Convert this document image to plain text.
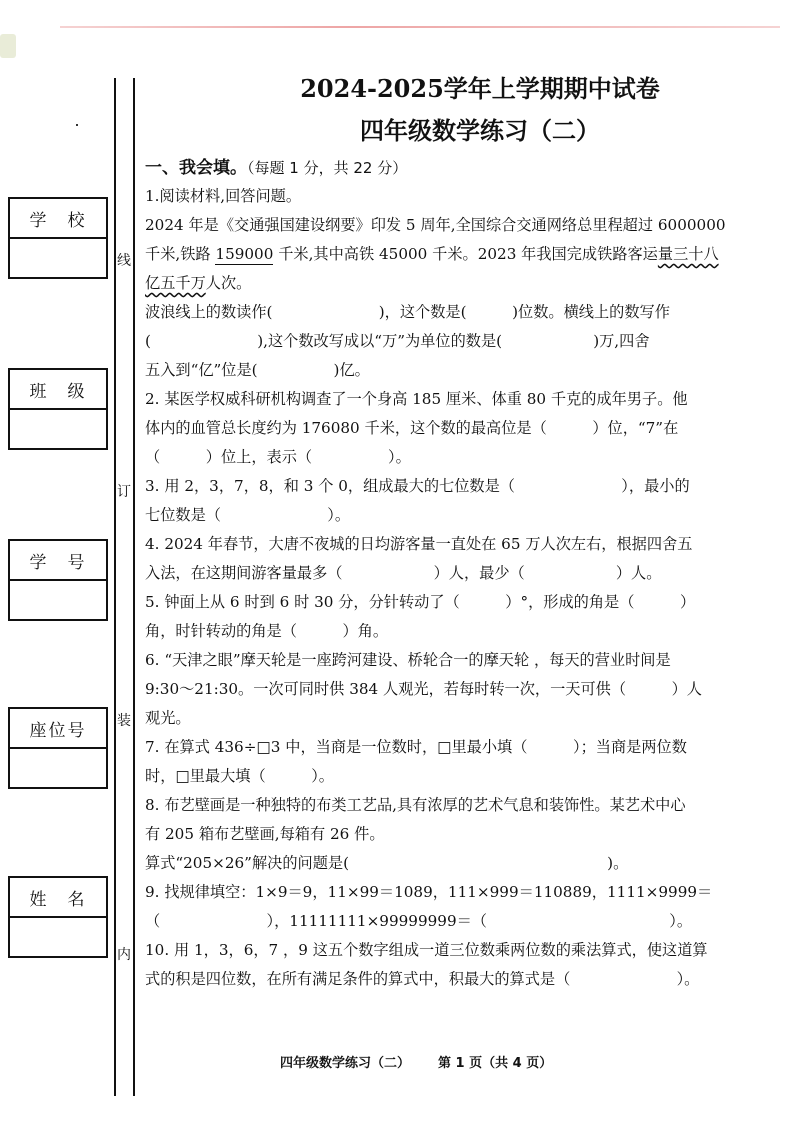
学　校
班　级
学　号
座位号
姓　名
线
订
装
内
2024-2025学年上学期期中试卷
四年级数学练习（二）
一、我会填。（每题 1 分，共 22 分）
1.阅读材料,回答问题。
2024 年是《交通强国建设纲要》印发 5 周年,全国综合交通网络总里程超过 6000000
千米,铁路 159000 千米,其中高铁 45000 千米。2023 年我国完成铁路客运量三十八
亿五千万人次。
波浪线上的数读作(　　　　　　　)，这个数是(　　　)位数。横线上的数写作
(　　　　　　　),这个数改写成以“万”为单位的数是(　　　　　　)万,四舍
五入到“亿”位是(　　　　　)亿。
2. 某医学权威科研机构调查了一个身高 185 厘米、体重 80 千克的成年男子。他
体内的血管总长度约为 176080 千米，这个数的最高位是（　　　）位，“7”在
（　　　）位上，表示（　　　　　）。
3. 用 2，3，7，8，和 3 个 0，组成最大的七位数是（　　　　　　　），最小的
七位数是（　　　　　　　）。
4. 2024 年春节，大唐不夜城的日均游客量一直处在 65 万人次左右，根据四舍五
入法，在这期间游客量最多（　　　　　　）人，最少（　　　　　　）人。
5. 钟面上从 6 时到 6 时 30 分，分针转动了（　　　）°，形成的角是（　　　）
角，时针转动的角是（　　　）角。
6. “天津之眼”摩天轮是一座跨河建设、桥轮合一的摩天轮 ，每天的营业时间是
9:30～21:30。一次可同时供 384 人观光，若每时转一次，一天可供（　　　）人
观光。
7. 在算式 436÷□3 中，当商是一位数时，□里最小填（　　　）；当商是两位数
时，□里最大填（　　　）。
8. 布艺壁画是一种独特的布类工艺品,具有浓厚的艺术气息和装饰性。某艺术中心
有 205 箱布艺壁画,每箱有 26 件。
算式“205×26”解决的问题是(　　　　　　　　　　　　　　　　　)。
9. 找规律填空：1×9＝9，11×99＝1089，111×999＝110889，1111×9999＝
（　　　　　　　），11111111×99999999＝（　　　　　　　　　　　　）。
10. 用 1，3，6，7 ，9 这五个数字组成一道三位数乘两位数的乘法算式，使这道算
式的积是四位数，在所有满足条件的算式中，积最大的算式是（　　　　　　　）。
四年级数学练习（二） 第 1 页（共 4 页）
